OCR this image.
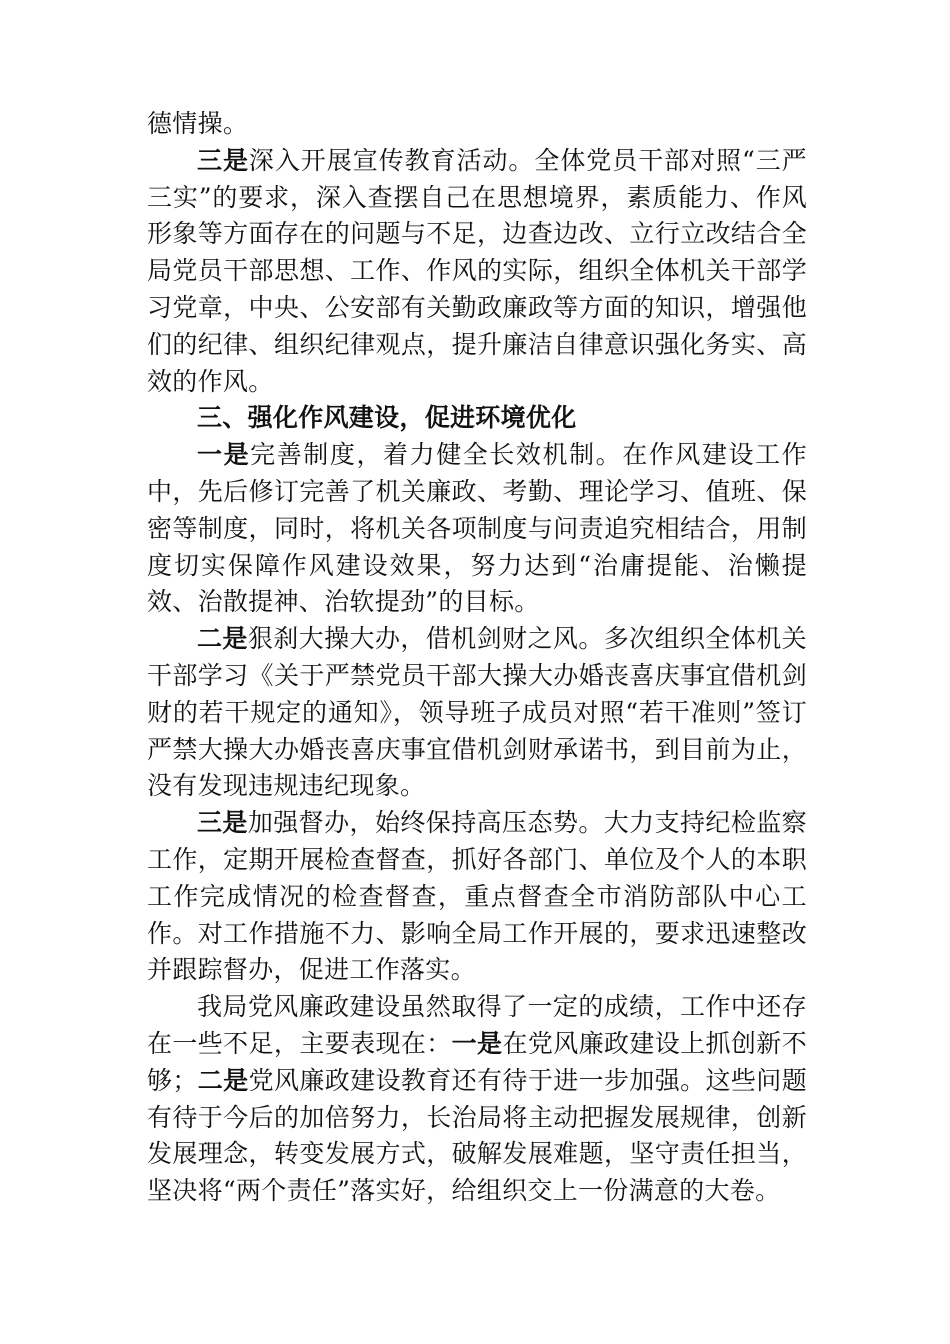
德情操。

三是深入开展宣传教育活动。全体党员干部对照“三严三实”的要求，深入查摆自己在思想境界，素质能力、作风形象等方面存在的问题与不足，边查边改、立行立改结合全局党员干部思想、工作、作风的实际，组织全体机关干部学习党章，中央、公安部有关勤政廉政等方面的知识，增强他们的纪律、组织纪律观点，提升廉洁自律意识强化务实、高效的作风。

三、强化作风建设，促进环境优化

一是完善制度，着力健全长效机制。在作风建设工作中，先后修订完善了机关廉政、考勤、理论学习、值班、保密等制度，同时，将机关各项制度与问责追究相结合，用制度切实保障作风建设效果，努力达到“治庸提能、治懒提效、治散提神、治软提劲”的目标。

二是狠刹大操大办，借机剑财之风。多次组织全体机关干部学习《关于严禁党员干部大操大办婚丧喜庆事宜借机剑财的若干规定的通知》，领导班子成员对照“若干准则”签订严禁大操大办婚丧喜庆事宜借机剑财承诺书，到目前为止，没有发现违规违纪现象。

三是加强督办，始终保持高压态势。大力支持纪检监察工作，定期开展检查督查，抓好各部门、单位及个人的本职工作完成情况的检查督查，重点督查全市消防部队中心工作。对工作措施不力、影响全局工作开展的，要求迅速整改并跟踪督办，促进工作落实。

我局党风廉政建设虽然取得了一定的成绩，工作中还存在一些不足，主要表现在：一是在党风廉政建设上抓创新不够；二是党风廉政建设教育还有待于进一步加强。这些问题有待于今后的加倍努力，长治局将主动把握发展规律，创新发展理念，转变发展方式，破解发展难题，坚守责任担当，坚决将“两个责任”落实好，给组织交上一份满意的大卷。
